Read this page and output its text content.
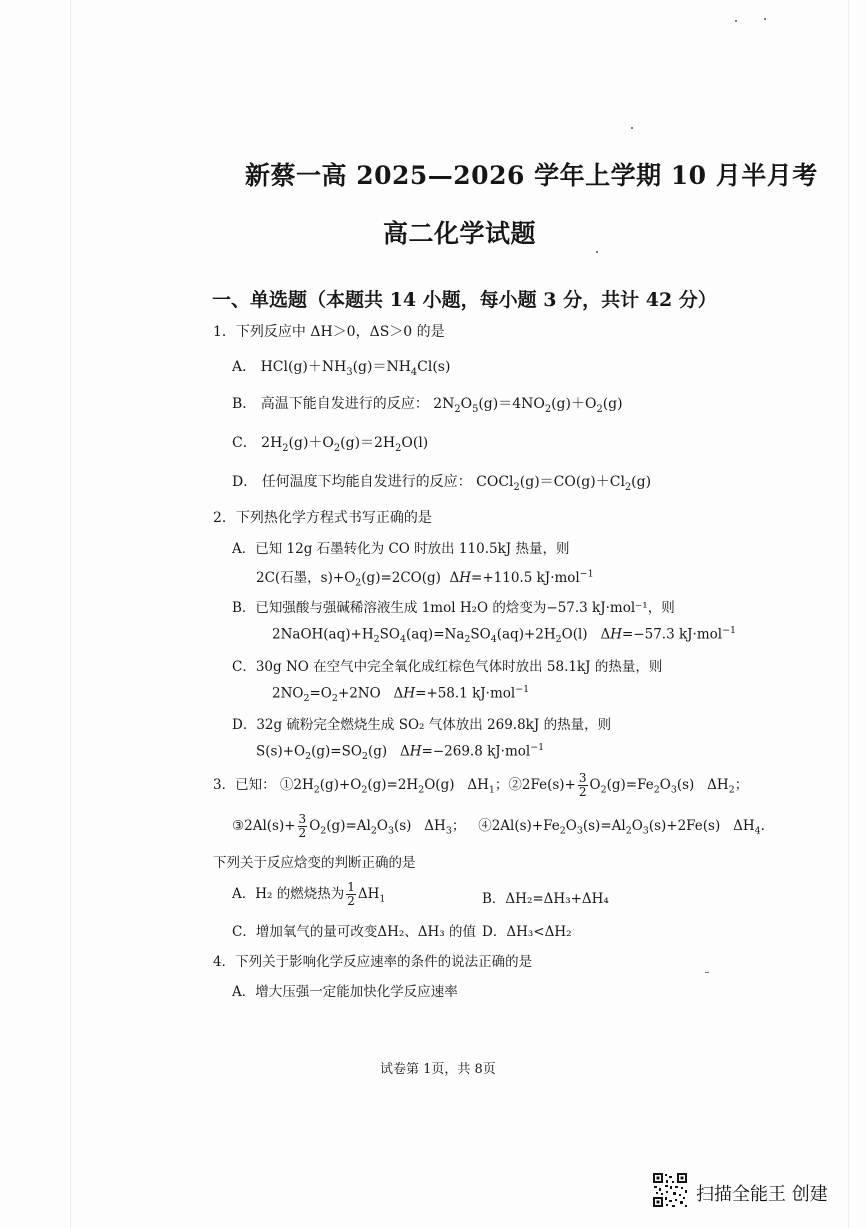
新蔡一高 2025—2026 学年上学期 10 月半月考
高二化学试题
一、单选题（本题共 14 小题，每小题 3 分，共计 42 分）
1．下列反应中 ΔH＞0，ΔS＞0 的是
A． $HCl(g)+NH_3(g)=NH_4Cl(s)$
B． 高温下能自发进行的反应： $2N_2O_5(g)=4NO_2(g)+O_2(g)$
C． $2H_2(g)+O_2(g)=2H_2O(l)$
D． 任何温度下均能自发进行的反应： $COCl_2(g)=CO(g)+Cl_2(g)$
2．下列热化学方程式书写正确的是
A．已知 12g 石墨转化为 CO 时放出 110.5kJ 热量，则
2C(石墨，$s)+O_2(g)=2CO(g)$  ΔH=+110.5 kJ·mol$^{-1}$
B．已知强酸与强碱稀溶液生成 1mol H₂O 的焓变为−57.3 kJ·mol⁻¹，则
$2NaOH(aq)+H_2SO_4(aq)=Na_2SO_4(aq)+2H_2O(l)$   ΔH=−57.3 kJ·mol$^{-1}$
C．30g NO 在空气中完全氧化成红棕色气体时放出 58.1kJ 的热量，则
$2NO_2=O_2+2NO$   ΔH=+58.1 kJ·mol$^{-1}$
D．32g 硫粉完全燃烧生成 SO₂ 气体放出 269.8kJ 的热量，则
$S(s)+O_2(g)=SO_2(g)$   ΔH=−269.8 kJ·mol$^{-1}$
3．已知： $①2H_2(g)+O_2(g)=2H_2O(g)$   $\Delta H_1$；②2Fe(s)+ $\frac{3}{2} O_2(g)=Fe_2O_3(s)$   $\Delta H_2$；
③2Al(s)+ $\frac{3}{2} O_2(g)=Al_2O_3(s)$   $\Delta H_3$；   $④2Al(s)+Fe_2O_3(s)=Al_2O_3(s)+2Fe(s)$   $\Delta H_4$.
下列关于反应焓变的判断正确的是
A．H₂ 的燃烧热为 $\frac{1}{2} \Delta H_1$	B．ΔH₂=ΔH₃+ΔH₄
C．增加氧气的量可改变ΔH₂、ΔH₃ 的值 D．ΔH₃<ΔH₂
4．下列关于影响化学反应速率的条件的说法正确的是
A．增大压强一定能加快化学反应速率
试卷第 1页，共 8页
扫描全能王 创建
